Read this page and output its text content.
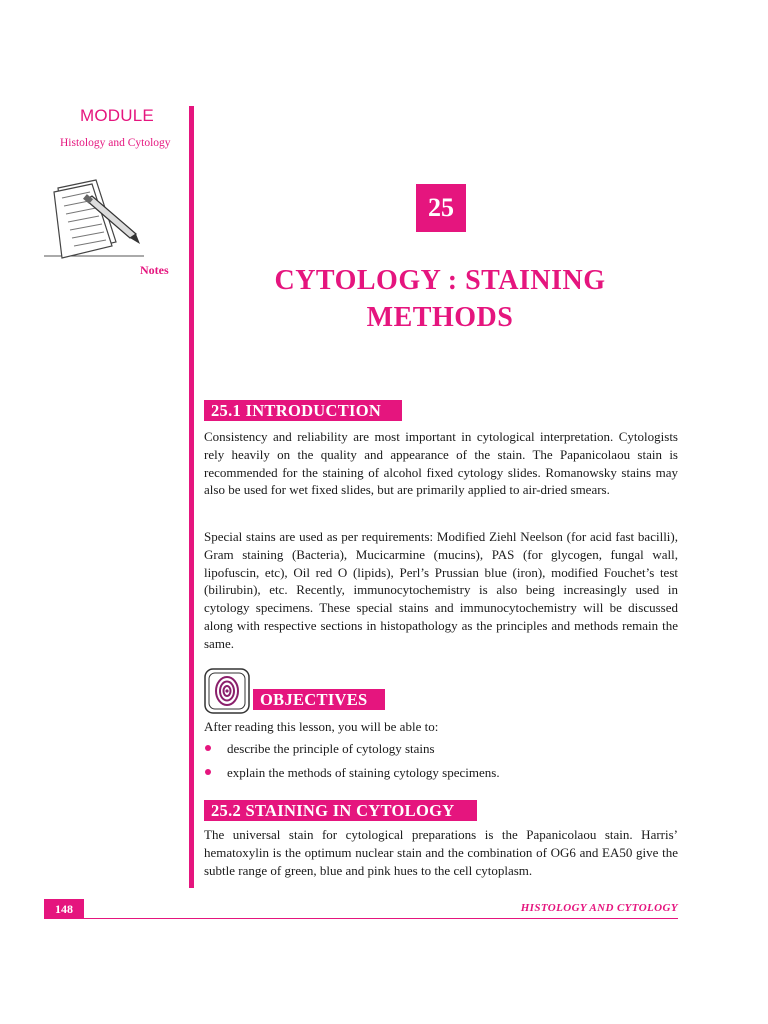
MODULE
Histology and Cytology
Notes
25
CYTOLOGY : STAINING
METHODS
25.1 INTRODUCTION
Consistency and reliability are most important in cytological interpretation. Cytologists rely heavily on the quality and appearance of the stain. The Papanicolaou stain is recommended for the staining of alcohol fixed cytology slides. Romanowsky stains may also be used for wet fixed slides, but are primarily applied to air-dried smears.
Special stains are used as per requirements: Modified Ziehl Neelson (for acid fast bacilli), Gram staining (Bacteria), Mucicarmine (mucins), PAS (for glycogen, fungal wall, lipofuscin, etc), Oil red O (lipids), Perl’s Prussian blue (iron), modified Fouchet’s test (bilirubin), etc. Recently, immunocytochemistry is also being increasingly used in cytology specimens. These special stains and immunocytochemistry will be discussed along with respective sections in histopathology as the principles and methods remain the same.
OBJECTIVES
After reading this lesson, you will be able to:
describe the principle of cytology stains
explain the methods of staining cytology specimens.
25.2 STAINING IN CYTOLOGY
The universal stain for cytological preparations is the Papanicolaou stain. Harris’ hematoxylin is the optimum nuclear stain and the combination of OG6 and EA50 give the subtle range of green, blue and pink hues to the cell cytoplasm.
148	HISTOLOGY AND CYTOLOGY
